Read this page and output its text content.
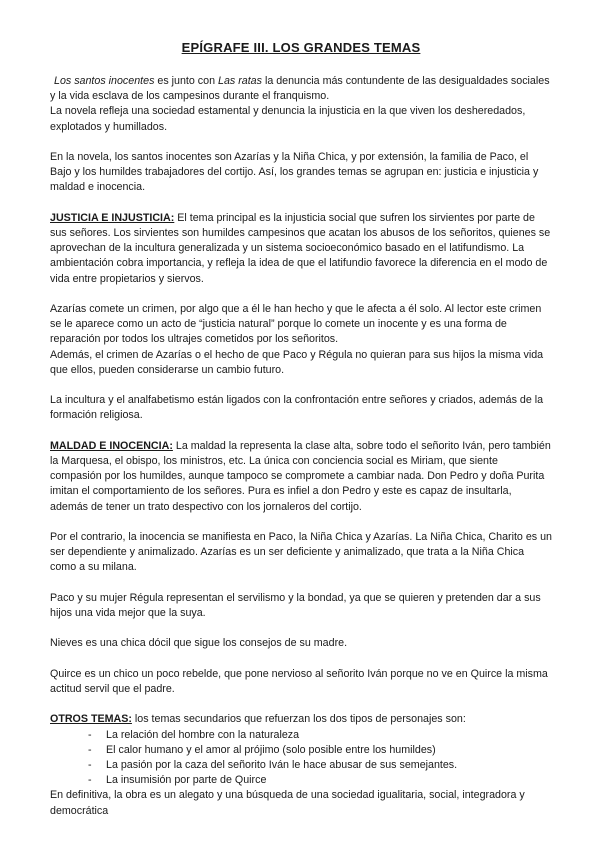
EPÍGRAFE III. LOS GRANDES TEMAS

Los santos inocentes es junto con Las ratas la denuncia más contundente de las desigualdades sociales y la vida esclava de los campesinos durante el franquismo.

La novela refleja una sociedad estamental y denuncia la injusticia en la que viven los desheredados, explotados y humillados.

En la novela, los santos inocentes son Azarías y la Niña Chica, y por extensión, la familia de Paco, el Bajo y los humildes trabajadores del cortijo. Así, los grandes temas se agrupan en: justicia e injusticia y maldad e inocencia.

JUSTICIA E INJUSTICIA: El tema principal es la injusticia social que sufren los sirvientes por parte de sus señores. Los sirvientes son humildes campesinos que acatan los abusos de los señoritos, quienes se aprovechan de la incultura generalizada y un sistema socioeconómico basado en el latifundismo. La ambientación cobra importancia, y refleja la idea de que el latifundio favorece la diferencia en el modo de vida entre propietarios y siervos.

Azarías comete un crimen, por algo que a él le han hecho y que le afecta a él solo. Al lector este crimen se le aparece como un acto de “justicia natural” porque lo comete un inocente y es una forma de reparación por todos los ultrajes cometidos por los señoritos.

Además, el crimen de Azarías o el hecho de que Paco y Régula no quieran para sus hijos la misma vida que ellos, pueden considerarse un cambio futuro.

La incultura y el analfabetismo están ligados con la confrontación entre señores y criados, además de la formación religiosa.

MALDAD E INOCENCIA: La maldad la representa la clase alta, sobre todo el señorito Iván, pero también la Marquesa, el obispo, los ministros, etc. La única con conciencia social es Miriam, que siente compasión por los humildes, aunque tampoco se compromete a cambiar nada. Don Pedro y doña Purita imitan el comportamiento de los señores. Pura es infiel a don Pedro y este es capaz de insultarla, además de tener un trato despectivo con los jornaleros del cortijo.

Por el contrario, la inocencia se manifiesta en Paco, la Niña Chica y Azarías. La Niña Chica, Charito es un ser dependiente y animalizado. Azarías es un ser deficiente y animalizado, que trata a la Niña Chica como a su milana.

Paco y su mujer Régula representan el servilismo y la bondad, ya que se quieren y pretenden dar a sus hijos una vida mejor que la suya.

Nieves es una chica dócil que sigue los consejos de su madre.

Quirce es un chico un poco rebelde, que pone nervioso al señorito Iván porque no ve en Quirce la misma actitud servil que el padre.

OTROS TEMAS: los temas secundarios que refuerzan los dos tipos de personajes son:

- La relación del hombre con la naturaleza
- El calor humano y el amor al prójimo (solo posible entre los humildes)
- La pasión por la caza del señorito Iván le hace abusar de sus semejantes.
- La insumisión por parte de Quirce

En definitiva, la obra es un alegato y una búsqueda de una sociedad igualitaria, social, integradora y democrática
